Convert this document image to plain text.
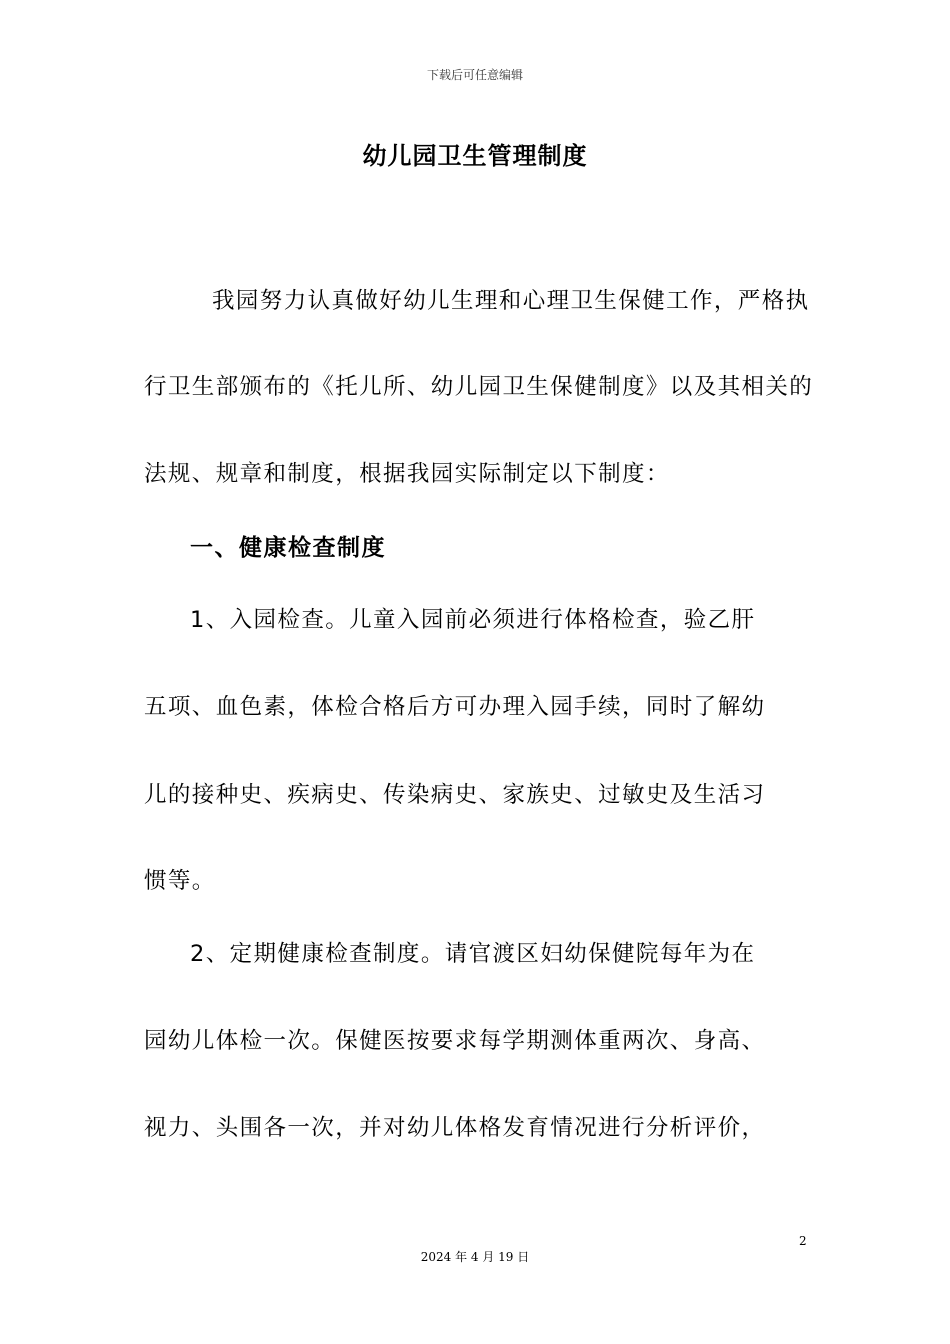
下载后可任意编辑
幼儿园卫生管理制度
我园努力认真做好幼儿生理和心理卫生保健工作，严格执
行卫生部颁布的《托儿所、幼儿园卫生保健制度》以及其相关的
法规、规章和制度，根据我园实际制定以下制度：
一、健康检查制度
1、入园检查。儿童入园前必须进行体格检查，验乙肝
五项、血色素，体检合格后方可办理入园手续，同时了解幼
儿的接种史、疾病史、传染病史、家族史、过敏史及生活习
惯等。
2、定期健康检查制度。请官渡区妇幼保健院每年为在
园幼儿体检一次。保健医按要求每学期测体重两次、身高、
视力、头围各一次，并对幼儿体格发育情况进行分析评价，
2
2024 年 4 月 19 日
